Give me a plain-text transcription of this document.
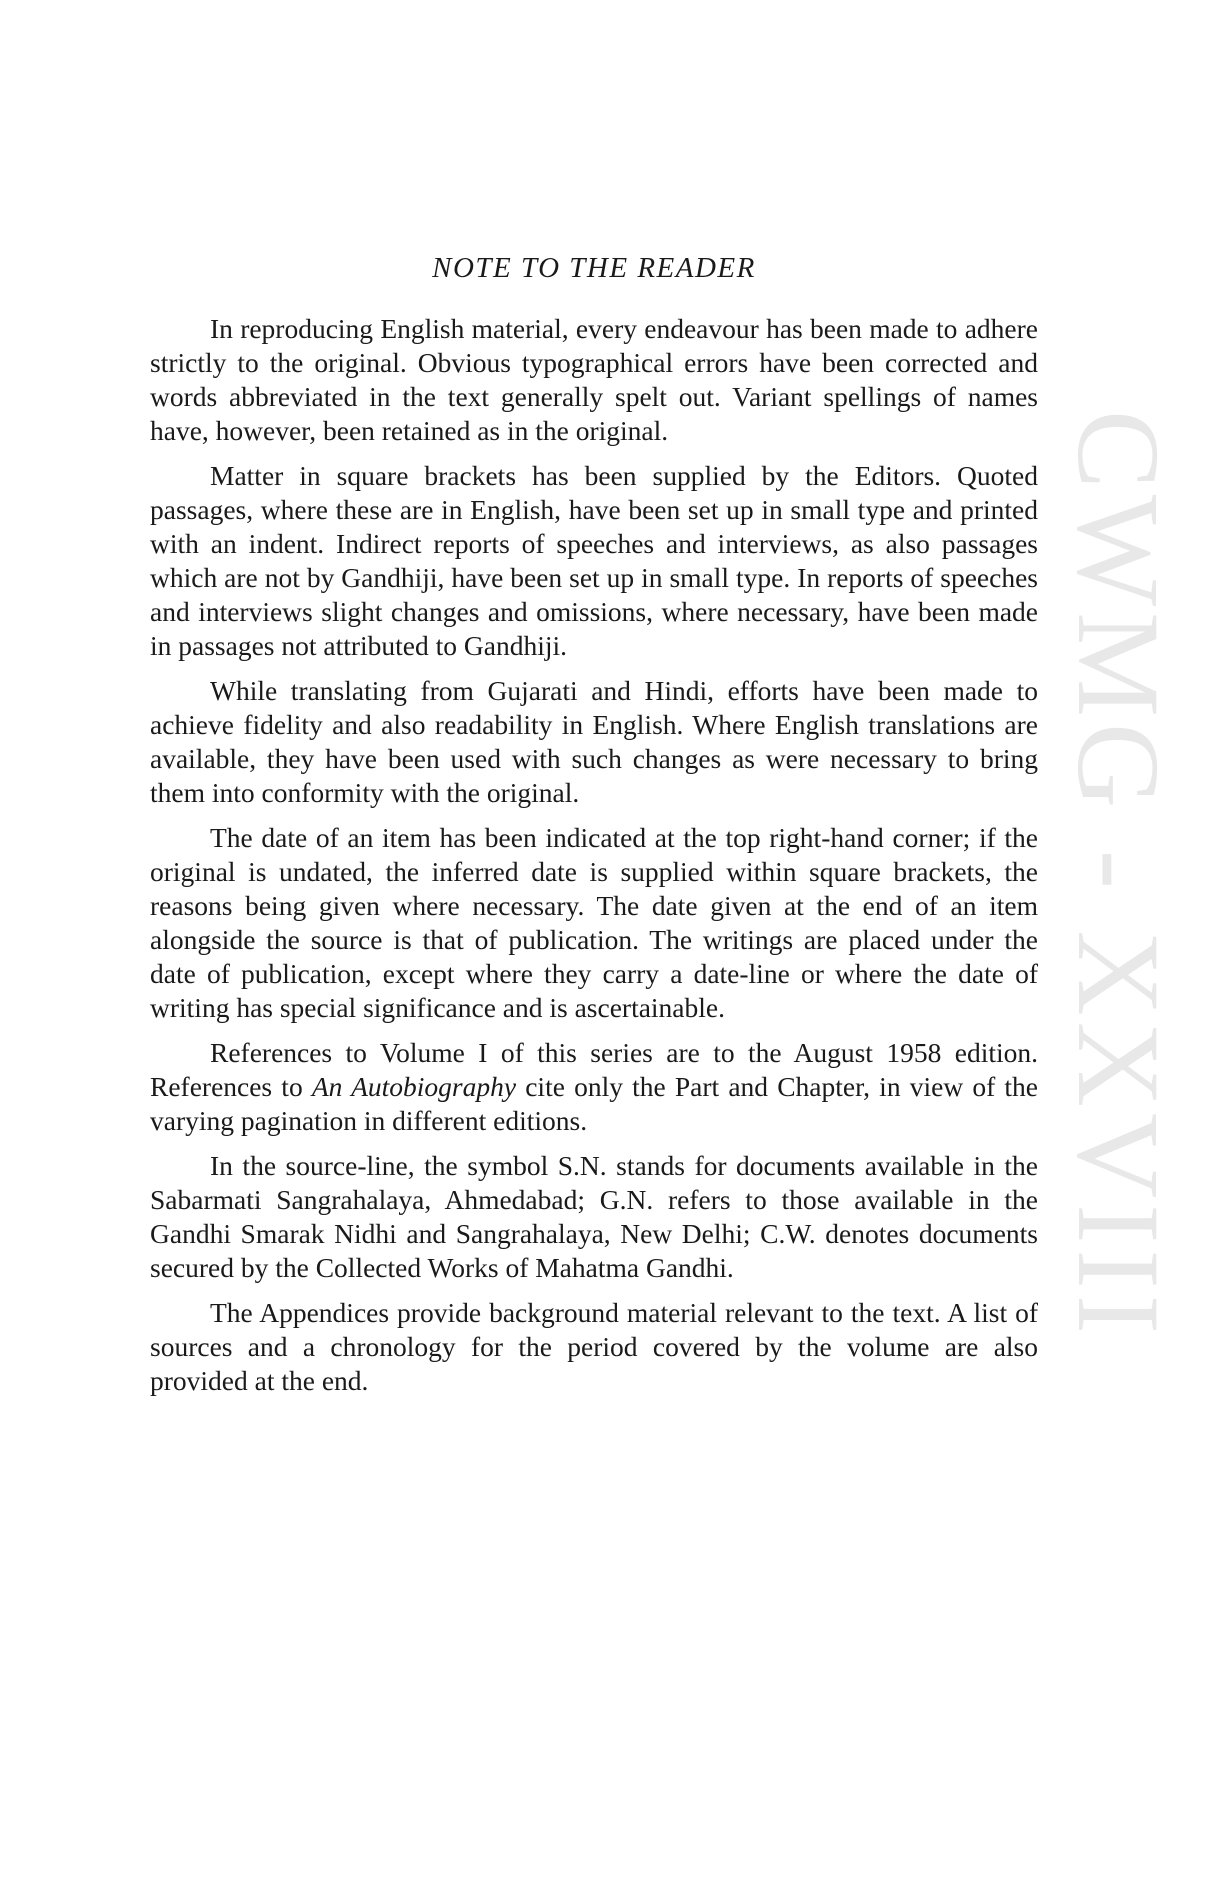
CWMG - XXVIII
NOTE TO THE READER

In reproducing English material, every endeavour has been made to adhere strictly to the original. Obvious typographical errors have been corrected and words abbreviated in the text generally spelt out. Variant spellings of names have, however, been retained as in the original.

Matter in square brackets has been supplied by the Editors. Quoted passages, where these are in English, have been set up in small type and printed with an indent. Indirect reports of speeches and interviews, as also passages which are not by Gandhiji, have been set up in small type. In reports of speeches and interviews slight changes and omissions, where necessary, have been made in passages not attributed to Gandhiji.

While translating from Gujarati and Hindi, efforts have been made to achieve fidelity and also readability in English. Where English translations are available, they have been used with such changes as were necessary to bring them into conformity with the original.

The date of an item has been indicated at the top right-hand corner; if the original is undated, the inferred date is supplied within square brackets, the reasons being given where necessary. The date given at the end of an item alongside the source is that of publication. The writings are placed under the date of publication, except where they carry a date-line or where the date of writing has special significance and is ascertainable.

References to Volume I of this series are to the August 1958 edition. References to An Autobiography cite only the Part and Chapter, in view of the varying pagination in different editions.

In the source-line, the symbol S.N. stands for documents available in the Sabarmati Sangrahalaya, Ahmedabad; G.N. refers to those available in the Gandhi Smarak Nidhi and Sangrahalaya, New Delhi; C.W. denotes documents secured by the Collected Works of Mahatma Gandhi.

The Appendices provide background material relevant to the text. A list of sources and a chronology for the period covered by the volume are also provided at the end.
